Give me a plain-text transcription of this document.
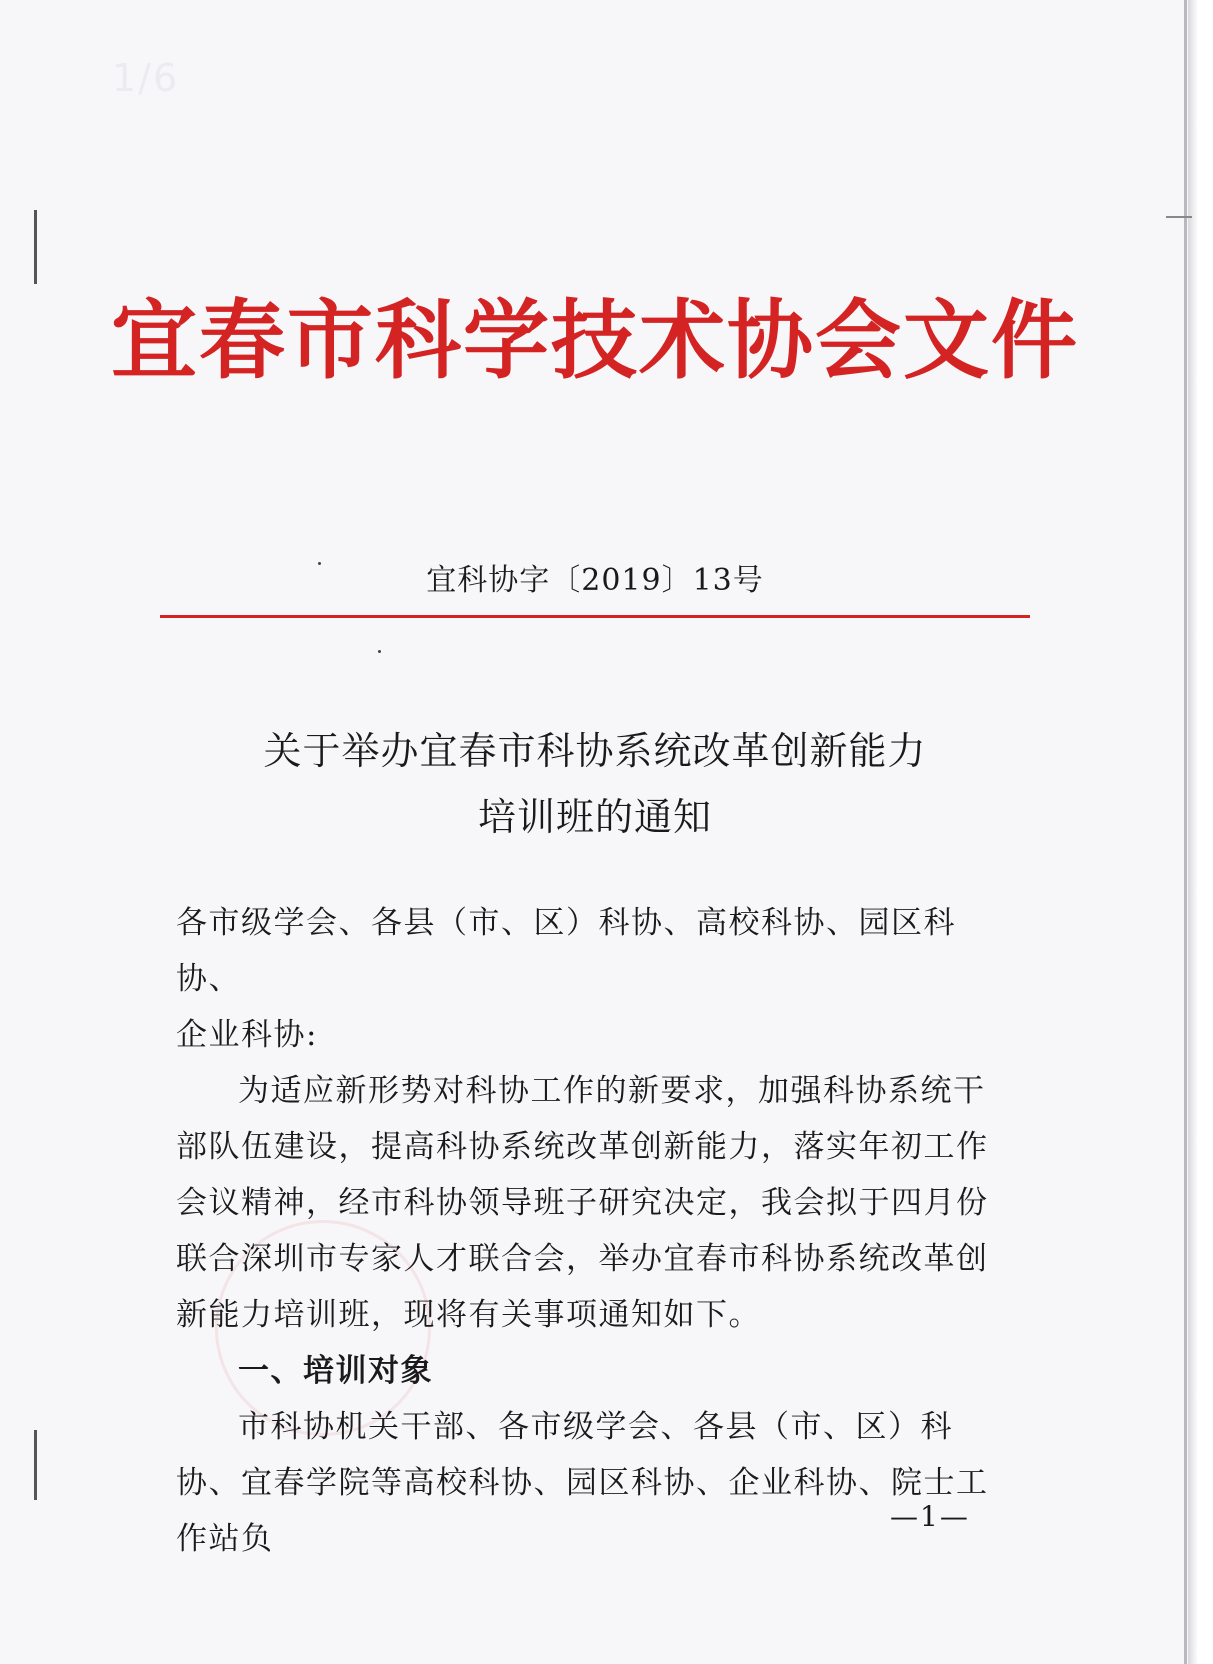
1/6
宜春市科学技术协会文件
宜科协字〔2019〕13号
关于举办宜春市科协系统改革创新能力
培训班的通知

各市级学会、各县（市、区）科协、高校科协、园区科协、

企业科协:

为适应新形势对科协工作的新要求，加强科协系统干部队伍建设，提高科协系统改革创新能力，落实年初工作会议精神，经市科协领导班子研究决定，我会拟于四月份联合深圳市专家人才联合会，举办宜春市科协系统改革创新能力培训班，现将有关事项通知如下。

一、培训对象

市科协机关干部、各市级学会、各县（市、区）科协、宜春学院等高校科协、园区科协、企业科协、院士工作站负

—1—
